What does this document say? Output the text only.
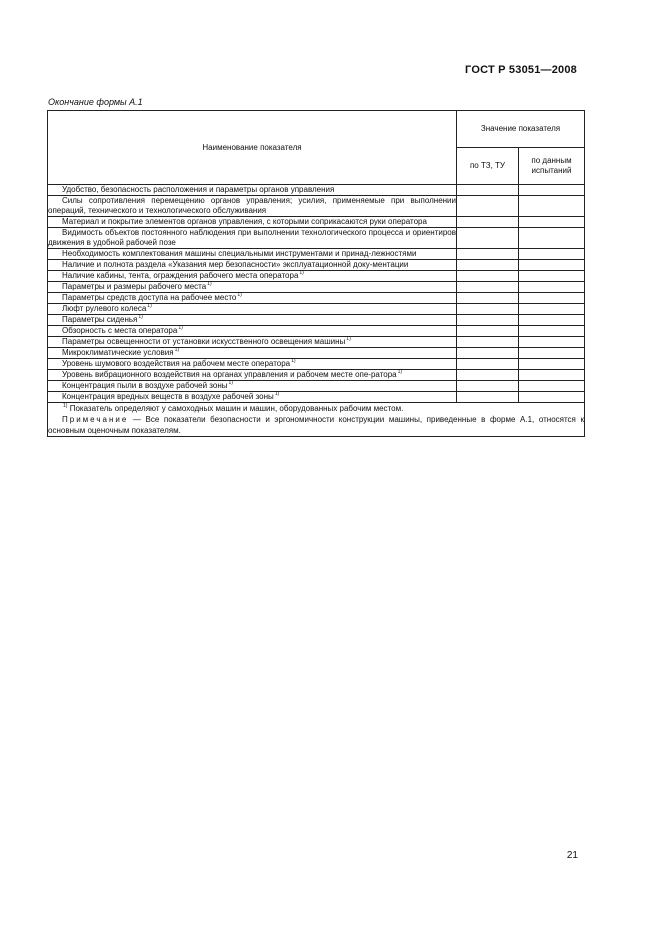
ГОСТ Р 53051—2008
Окончание формы А.1
Наименование показателя	Значение показателя	
	по ТЗ, ТУ	по данным испытаний

Удобство, безопасность расположения и параметры органов управления		

Силы сопротивления перемещению органов управления; усилия, применяемые при выполнении операций, технического и технологического обслуживания		

Материал и покрытие элементов органов управления, с которыми соприкасаются руки оператора		

Видимость объектов постоянного наблюдения при выполнении технологического процесса и ориентиров движения в удобной рабочей позе		

Необходимость комплектования машины специальными инструментами и принад-лежностями		

Наличие и полнота раздела «Указания мер безопасности» эксплуатационной доку-ментации		

Наличие кабины, тента, ограждения рабочего места оператора$^{1)}$

Параметры и размеры рабочего места$^{1)}$

Параметры средств доступа на рабочее место$^{1)}$

Люфт рулевого колеса$^{1)}$

Параметры сиденья$^{1)}$

Обзорность с места оператора$^{1)}$

Параметры освещенности от установки искусственного освещения машины$^{1)}$

Микроклиматические условия$^{1)}$

Уровень шумового воздействия на рабочем месте оператора$^{1)}$

Уровень вибрационного воздействия на органах управления и рабочем месте опе-ратора$^{1)}$

Концентрация пыли в воздухе рабочей зоны$^{1)}$

Концентрация вредных веществ в воздухе рабочей зоны$^{1)}$

$^{1)}$ Показатель определяют у самоходных машин и машин, оборудованных рабочим местом.
Примечание — Все показатели безопасности и эргономичности конструкции машины, приведенные в форме А.1, относятся к основным оценочным показателям.		
21
